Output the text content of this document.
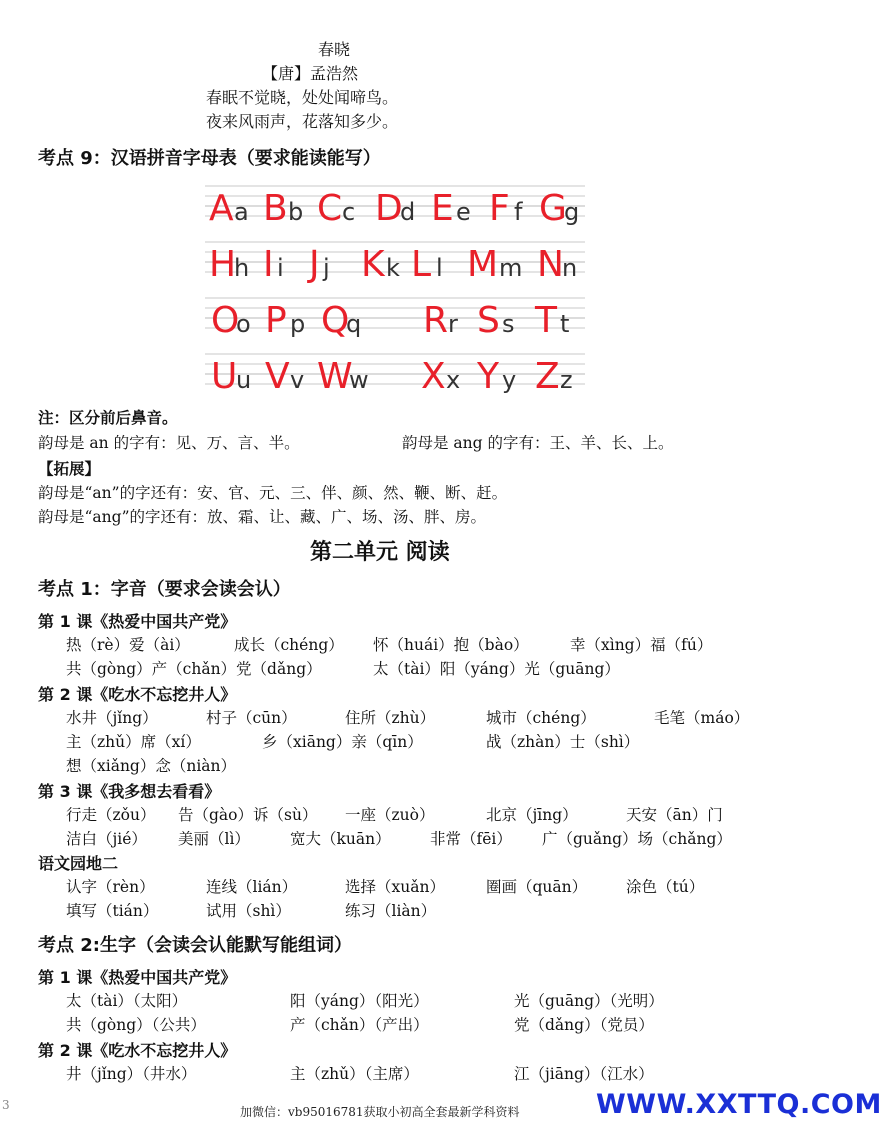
春晓
【唐】孟浩然
春眠不觉晓，处处闻啼鸟。
夜来风雨声，花落知多少。
考点 9：汉语拼音字母表（要求能读能写）
A a B b C c D
d E e F f G
g
H
h I i J j K k L l M m N
n
O
o P p Q
q R r S s T t
U
u V v W
w X x Y y Z z
注：区分前后鼻音。
韵母是 an 的字有：见、万、言、半。	韵母是 ang 的字有：王、羊、长、上。
【拓展】
韵母是“an”的字还有：安、官、元、三、伴、颜、然、鞭、断、赶。
韵母是“ang”的字还有：放、霜、让、藏、广、场、汤、胖、房。
第二单元 阅读
考点 1：字音（要求会读会认）
第 1 课《热爱中国共产党》
热（rè）爱（ài）	成长（chéng） 怀（huái）抱（bào）	幸（xìng）福（fú）
共（gòng）产（chǎn）党（dǎng）	太（tài）阳（yáng）光（guāng）
第 2 课《吃水不忘挖井人》
水井（jǐng）	村子（cūn）	住所（zhù）	城市（chéng）	毛笔（máo）
主（zhǔ）席（xí）	乡（xiāng）亲（qīn）	战（zhàn）士（shì）
想（xiǎng）念（niàn）
第 3 课《我多想去看看》
行走（zǒu） 告（gào）诉（sù） 一座（zuò）	北京（jīng）	天安（ān）门
洁白（jié） 美丽（lì）	宽大（kuān）	非常（fēi） 广（guǎng）场（chǎng）
语文园地二
认字（rèn）	连线（lián）	选择（xuǎn）	圈画（quān）	涂色（tú）
填写（tián）	试用（shì）	练习（liàn）
考点 2:生字（会读会认能默写能组词）
第 1 课《热爱中国共产党》
太（tài）（太阳）	阳（yáng）（阳光）	光（guāng）（光明）
共（gòng）（公共）	产（chǎn）（产出）	党（dǎng）（党员）
第 2 课《吃水不忘挖井人》
井（jǐng）（井水）	主（zhǔ）（主席）	江（jiāng）（江水）
3	加微信：vb95016781获取小初高全套最新学科资料	WWW.XXTTQ.COM
